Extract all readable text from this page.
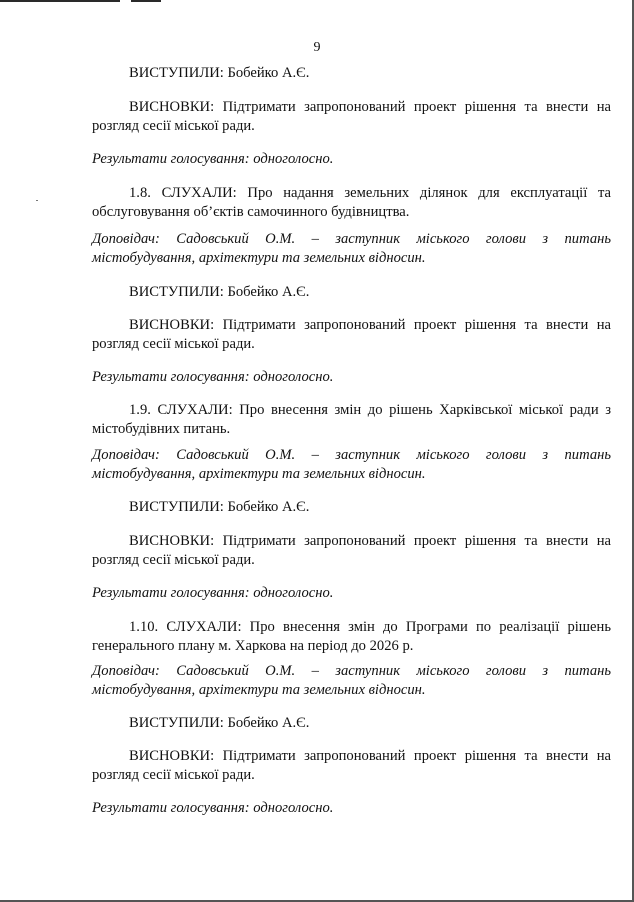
9
ВИСТУПИЛИ: Бобейко А.Є.
ВИСНОВКИ: Підтримати запропонований проект рішення та внести на розгляд сесії міської ради.
Результати голосування: одноголосно.
1.8. СЛУХАЛИ: Про надання земельних ділянок для експлуатації та обслуговування об’єктів самочинного будівництва.
Доповідач: Садовський О.М. – заступник міського голови з питань містобудування, архітектури та земельних відносин.
ВИСТУПИЛИ: Бобейко А.Є.
ВИСНОВКИ: Підтримати запропонований проект рішення та внести на розгляд сесії міської ради.
Результати голосування: одноголосно.
1.9. СЛУХАЛИ: Про внесення змін до рішень Харківської міської ради з містобудівних питань.
Доповідач: Садовський О.М. – заступник міського голови з питань містобудування, архітектури та земельних відносин.
ВИСТУПИЛИ: Бобейко А.Є.
ВИСНОВКИ: Підтримати запропонований проект рішення та внести на розгляд сесії міської ради.
Результати голосування: одноголосно.
1.10. СЛУХАЛИ: Про внесення змін до Програми по реалізації рішень генерального плану м. Харкова на період до 2026 р.
Доповідач: Садовський О.М. – заступник міського голови з питань містобудування, архітектури та земельних відносин.
ВИСТУПИЛИ: Бобейко А.Є.
ВИСНОВКИ: Підтримати запропонований проект рішення та внести на розгляд сесії міської ради.
Результати голосування: одноголосно.
